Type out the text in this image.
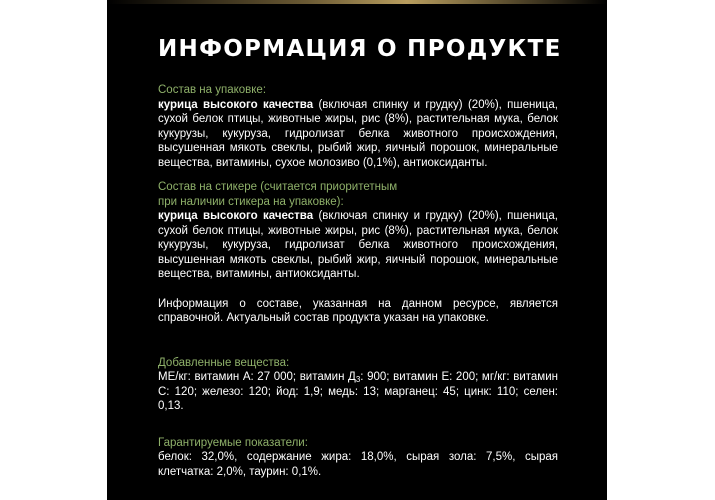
ИНФОРМАЦИЯ О ПРОДУКТЕ

Состав на упаковке:

курица высокого качества (включая спинку и грудку) (20%), пшеница, сухой белок птицы, животные жиры, рис (8%), растительная мука, белок кукурузы, кукуруза, гидролизат белка животного происхождения, высушенная мякоть свеклы, рыбий жир, яичный порошок, минеральные вещества, витамины, сухое молозиво (0,1%), антиоксиданты.

Состав на стикере (считается приоритетным
при наличии стикера на упаковке):

курица высокого качества (включая спинку и грудку) (20%), пшеница, сухой белок птицы, животные жиры, рис (8%), растительная мука, белок кукурузы, кукуруза, гидролизат белка животного происхождения, высушенная мякоть свеклы, рыбий жир, яичный порошок, минеральные вещества, витамины, антиоксиданты.

Информация о составе, указанная на данном ресурсе, является справочной. Актуальный состав продукта указан на упаковке.

Добавленные вещества:

МЕ/кг: витамин А: 27 000; витамин $Д_3$: 900; витамин Е: 200; мг/кг: витамин С: 120; железо: 120; йод: 1,9; медь: 13; марганец: 45; цинк: 110; селен: 0,13.

Гарантируемые показатели:

белок: 32,0%, содержание жира: 18,0%, сырая зола: 7,5%, сырая клетчатка: 2,0%, таурин: 0,1%.
